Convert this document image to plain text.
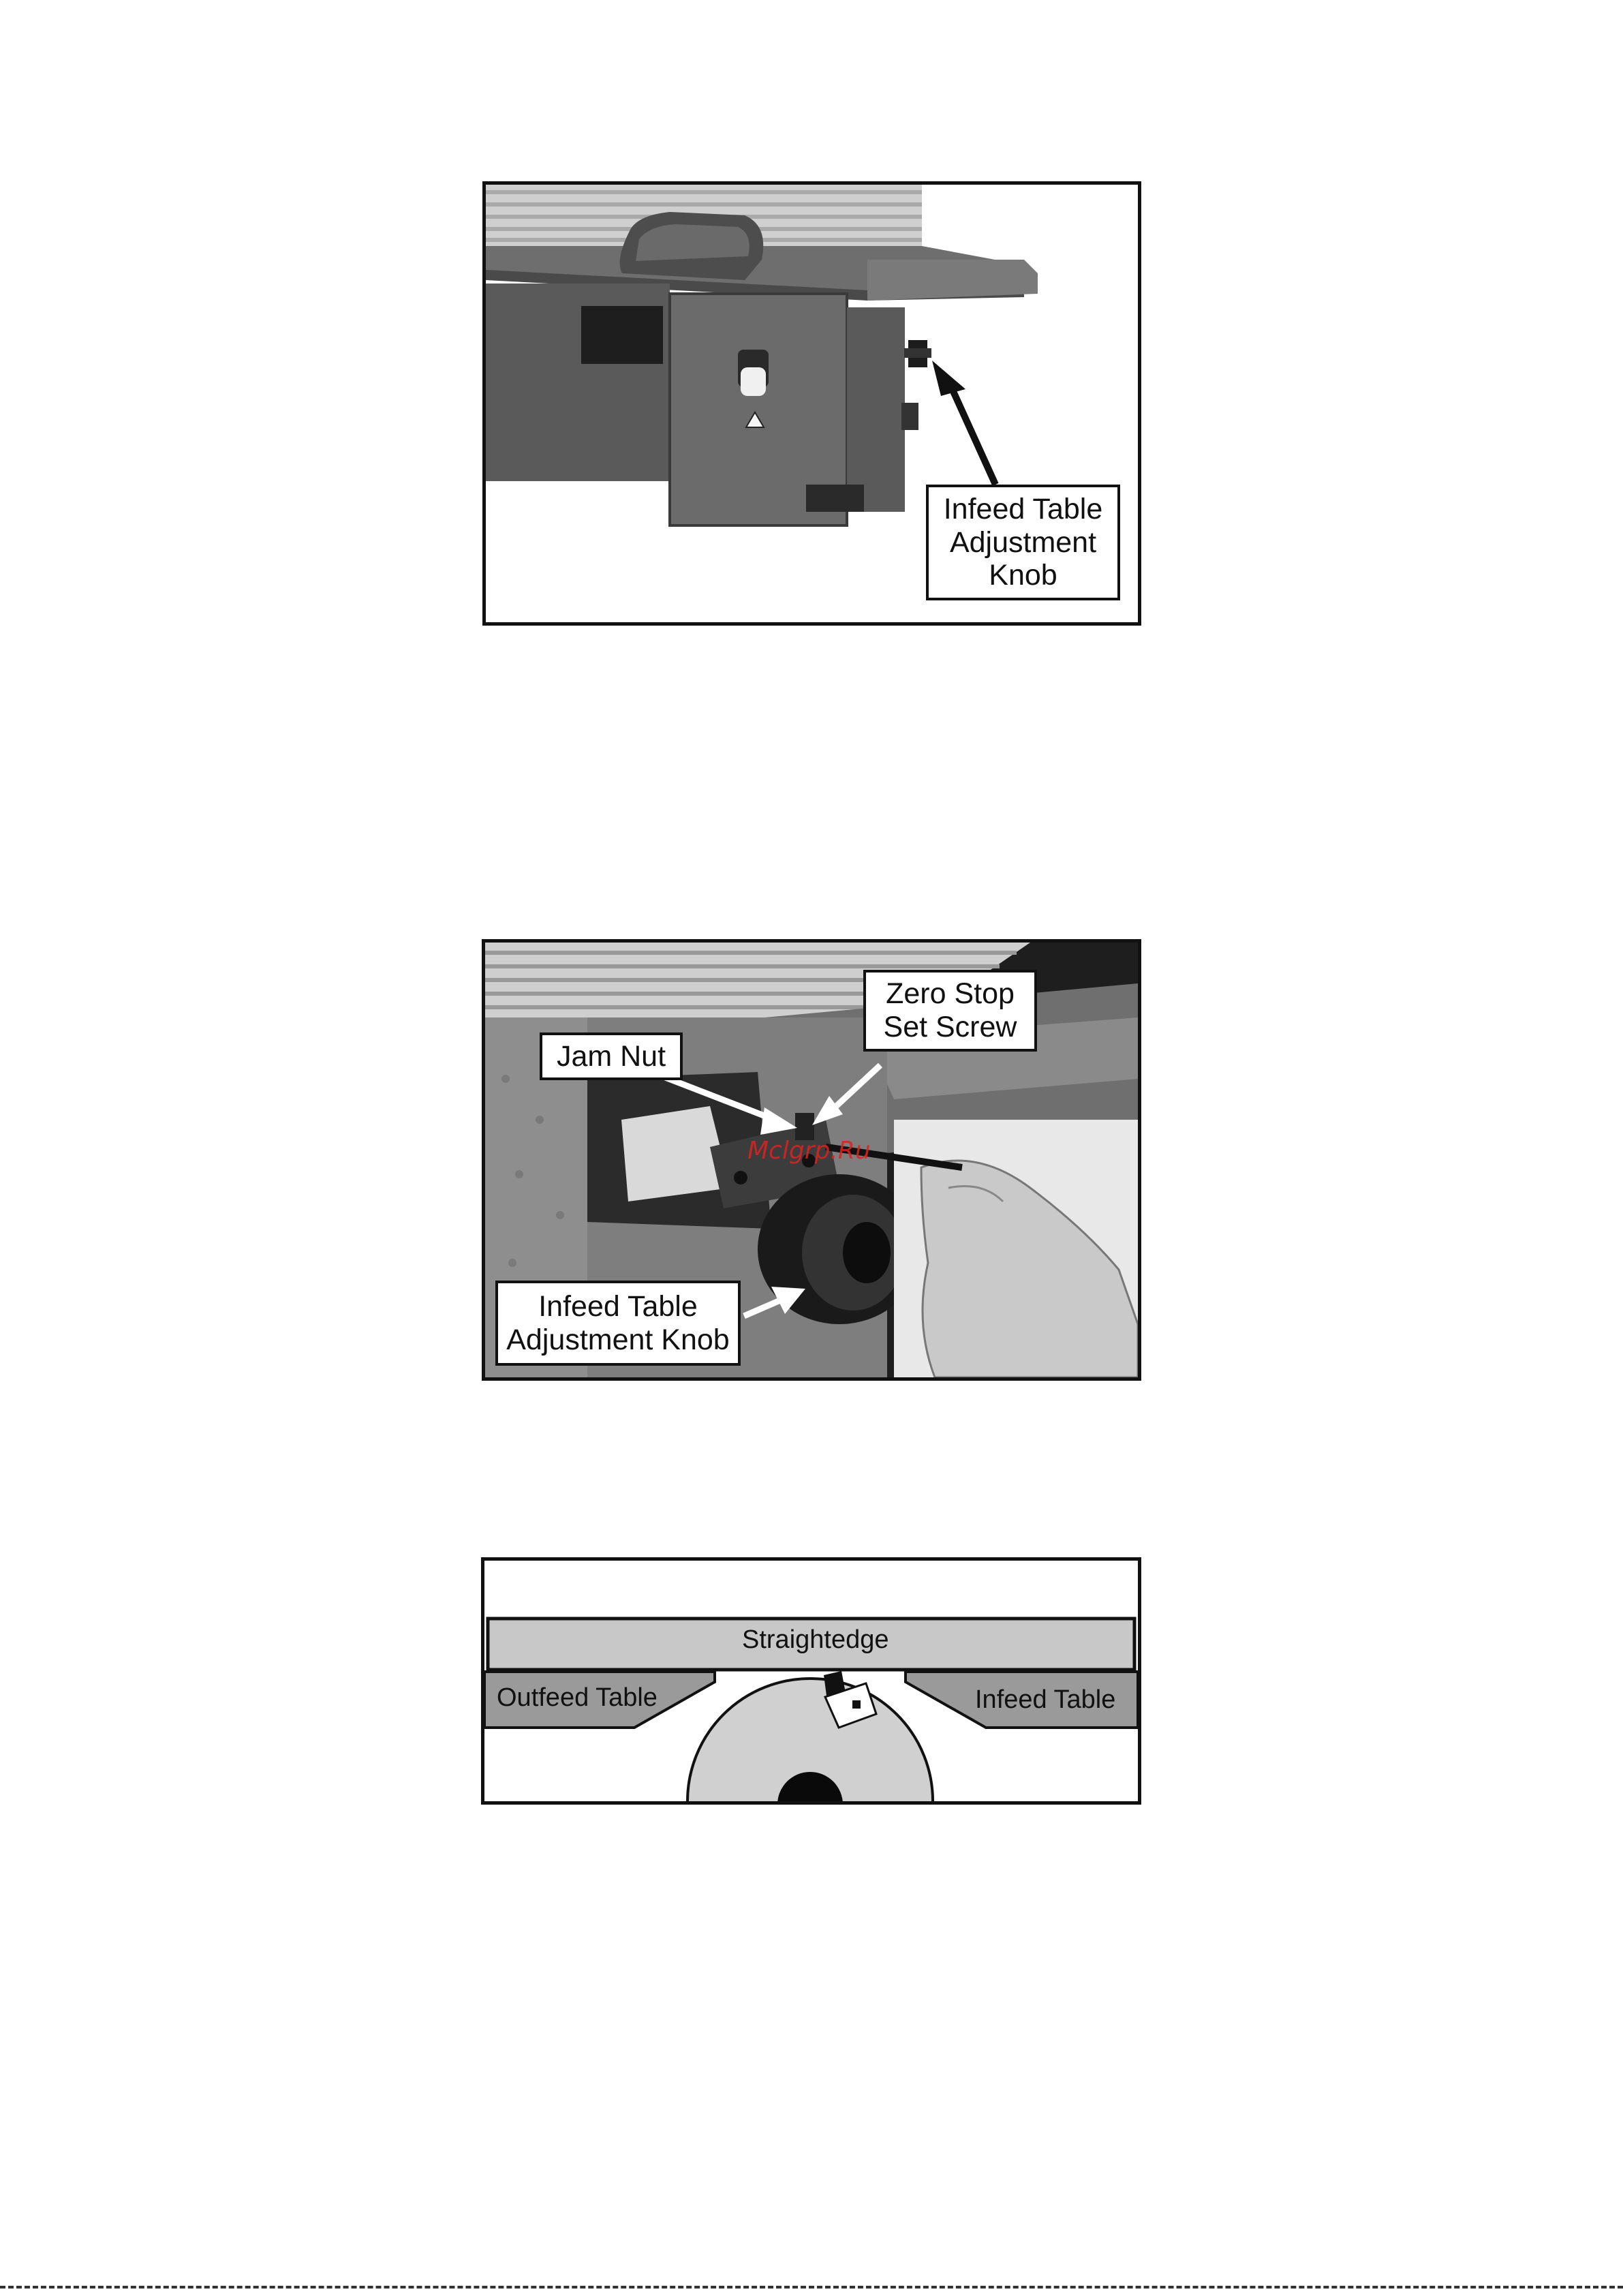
Infeed Table
Adjustment
Knob
Zero Stop
Set Screw
Jam Nut
Infeed Table
Adjustment Knob
Mclgrp.Ru
Straightedge
Outfeed Table	Infeed Table
